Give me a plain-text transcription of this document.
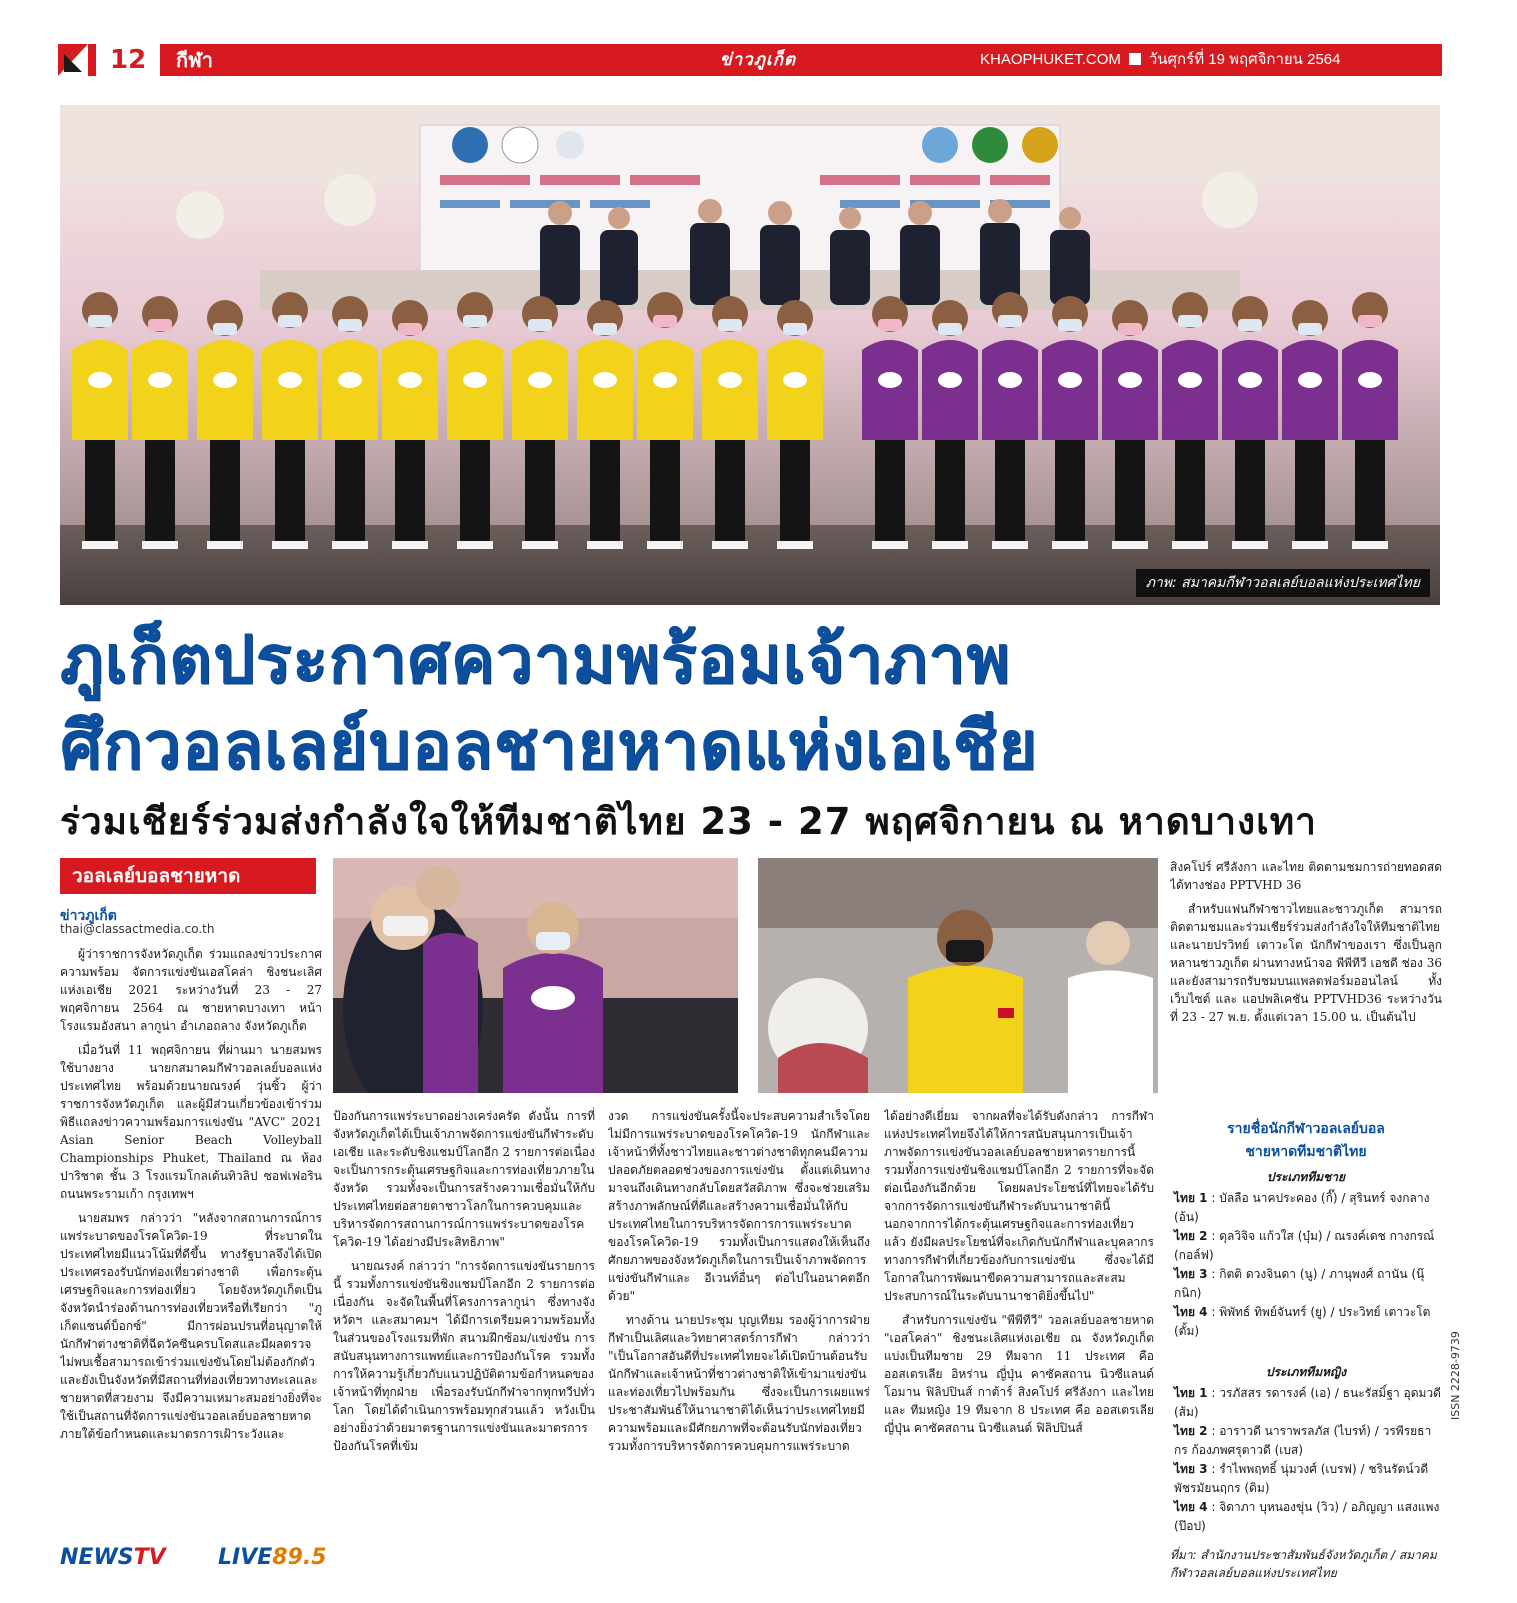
12	กีฬา	ข่าวภูเก็ต	KHAOPHUKET.COM วันศุกร์ที่ 19 พฤศจิกายน 2564
ภาพ: สมาคมกีฬาวอลเลย์บอลแห่งประเทศไทย
ภูเก็ตประกาศความพร้อมเจ้าภาพ
ศึกวอลเลย์บอลชายหาดแห่งเอเชีย
ร่วมเชียร์ร่วมส่งกำลังใจให้ทีมชาติไทย 23 - 27 พฤศจิกายน ณ หาดบางเทา
วอลเลย์บอลชายหาด
ข่าวภูเก็ต
thai@classactmedia.co.th

ผู้ว่าราชการจังหวัดภูเก็ต ร่วมแถลงข่าวประกาศความพร้อม จัดการแข่งขันเอสโคล่า ชิงชนะเลิศแห่งเอเชีย 2021 ระหว่างวันที่ 23 - 27 พฤศจิกายน 2564 ณ ชายหาดบางเทา หน้าโรงแรมอังสนา ลากูน่า อำเภอถลาง จังหวัดภูเก็ต

เมื่อวันที่ 11 พฤศจิกายน ที่ผ่านมา นายสมพร ใช้บางยาง นายกสมาคมกีฬาวอลเลย์บอลแห่งประเทศไทย พร้อมด้วยนายณรงค์ วุ่นซิ้ว ผู้ว่าราชการจังหวัดภูเก็ต และผู้มีส่วนเกี่ยวข้องเข้าร่วมพิธีแถลงข่าวความพร้อมการแข่งขัน "AVC" 2021 Asian Senior Beach Volleyball Championships Phuket, Thailand ณ ห้องปาริชาต ชั้น 3 โรงแรมโกลเด้นทิวลิป ซอฟเฟอริน ถนนพระรามเก้า กรุงเทพฯ

นายสมพร กล่าวว่า "หลังจากสถานการณ์การแพร่ระบาดของโรคโควิด-19 ที่ระบาดในประเทศไทยมีแนวโน้มที่ดีขึ้น ทางรัฐบาลจึงได้เปิดประเทศรองรับนักท่องเที่ยวต่างชาติ เพื่อกระตุ้นเศรษฐกิจและการท่องเที่ยว โดยจังหวัดภูเก็ตเป็นจังหวัดนำร่องด้านการท่องเที่ยวหรือที่เรียกว่า "ภูเก็ตแซนด์บ็อกซ์" มีการผ่อนปรนที่อนุญาตให้นักกีฬาต่างชาติที่ฉีดวัคซีนครบโดสและมีผลตรวจไม่พบเชื้อสามารถเข้าร่วมแข่งขันโดยไม่ต้องกักตัว และยังเป็นจังหวัดที่มีสถานที่ท่องเที่ยวทางทะเลและชายหาดที่สวยงาม จึงมีความเหมาะสมอย่างยิ่งที่จะใช้เป็นสถานที่จัดการแข่งขันวอลเลย์บอลชายหาด ภายใต้ข้อกำหนดและมาตรการเฝ้าระวังและ

ป้องกันการแพร่ระบาดอย่างเคร่งครัด ดังนั้น การที่จังหวัดภูเก็ตได้เป็นเจ้าภาพจัดการแข่งขันกีฬาระดับเอเชีย และระดับชิงแชมป์โลกอีก 2 รายการต่อเนื่อง จะเป็นการกระตุ้นเศรษฐกิจและการท่องเที่ยวภายในจังหวัด รวมทั้งจะเป็นการสร้างความเชื่อมั่นให้กับประเทศไทยต่อสายตาชาวโลกในการควบคุมและบริหารจัดการสถานการณ์การแพร่ระบาดของโรคโควิด-19 ได้อย่างมีประสิทธิภาพ"

นายณรงค์ กล่าวว่า "การจัดการแข่งขันรายการนี้ รวมทั้งการแข่งขันชิงแชมป์โลกอีก 2 รายการต่อเนื่องกัน จะจัดในพื้นที่โครงการลากูน่า ซึ่งทางจังหวัดฯ และสมาคมฯ ได้มีการเตรียมความพร้อมทั้งในส่วนของโรงแรมที่พัก สนามฝึกซ้อม/แข่งขัน การสนับสนุนทางการแพทย์และการป้องกันโรค รวมทั้งการให้ความรู้เกี่ยวกับแนวปฏิบัติตามข้อกำหนดของเจ้าหน้าที่ทุกฝ่าย เพื่อรองรับนักกีฬาจากทุกทวีปทั่วโลก โดยได้ดำเนินการพร้อมทุกส่วนแล้ว หวังเป็นอย่างยิ่งว่าด้วยมาตรฐานการแข่งขันและมาตรการป้องกันโรคที่เข้ม

งวด การแข่งขันครั้งนี้จะประสบความสำเร็จโดยไม่มีการแพร่ระบาดของโรคโควิด-19 นักกีฬาและเจ้าหน้าที่ทั้งชาวไทยและชาวต่างชาติทุกคนมีความปลอดภัยตลอดช่วงของการแข่งขัน ตั้งแต่เดินทางมาจนถึงเดินทางกลับโดยสวัสดิภาพ ซึ่งจะช่วยเสริมสร้างภาพลักษณ์ที่ดีและสร้างความเชื่อมั่นให้กับประเทศไทยในการบริหารจัดการการแพร่ระบาดของโรคโควิด-19 รวมทั้งเป็นการแสดงให้เห็นถึงศักยภาพของจังหวัดภูเก็ตในการเป็นเจ้าภาพจัดการแข่งขันกีฬาและ อีเวนท์อื่นๆ ต่อไปในอนาคตอีกด้วย"

ทางด้าน นายประชุม บุญเทียม รองผู้ว่าการฝ่ายกีฬาเป็นเลิศและวิทยาศาสตร์การกีฬา กล่าวว่า "เป็นโอกาสอันดีที่ประเทศไทยจะได้เปิดบ้านต้อนรับนักกีฬาและเจ้าหน้าที่ชาวต่างชาติให้เข้ามาแข่งขันและท่องเที่ยวไปพร้อมกัน ซึ่งจะเป็นการเผยแพร่ประชาสัมพันธ์ให้นานาชาติได้เห็นว่าประเทศไทยมีความพร้อมและมีศักยภาพที่จะต้อนรับนักท่องเที่ยวรวมทั้งการบริหารจัดการควบคุมการแพร่ระบาด

ได้อย่างดีเยี่ยม จากผลที่จะได้รับดังกล่าว การกีฬาแห่งประเทศไทยจึงได้ให้การสนับสนุนการเป็นเจ้าภาพจัดการแข่งขันวอลเลย์บอลชายหาดรายการนี้รวมทั้งการแข่งขันชิงแชมป์โลกอีก 2 รายการที่จะจัดต่อเนื่องกันอีกด้วย โดยผลประโยชน์ที่ไทยจะได้รับจากการจัดการแข่งขันกีฬาระดับนานาชาตินี้ นอกจากการได้กระตุ้นเศรษฐกิจและการท่องเที่ยวแล้ว ยังมีผลประโยชน์ที่จะเกิดกับนักกีฬาและบุคลากรทางการกีฬาที่เกี่ยวข้องกับการแข่งขัน ซึ่งจะได้มีโอกาสในการพัฒนาขีดความสามารถและสะสมประสบการณ์ในระดับนานาชาติยิ่งขึ้นไป"

สำหรับการแข่งขัน "พีพีทีวี" วอลเลย์บอลชายหาด "เอสโคล่า" ชิงชนะเลิศแห่งเอเชีย ณ จังหวัดภูเก็ต แบ่งเป็นทีมชาย 29 ทีมจาก 11 ประเทศ คือ ออสเตรเลีย อิหร่าน ญี่ปุ่น คาซัคสถาน นิวซีแลนด์ โอมาน ฟิลิปปินส์ กาต้าร์ สิงคโปร์ ศรีลังกา และไทย และ ทีมหญิง 19 ทีมจาก 8 ประเทศ คือ ออสเตรเลีย ญี่ปุ่น คาซัคสถาน นิวซีแลนด์ ฟิลิปปินส์

สิงคโปร์ ศรีลังกา และไทย ติดตามชมการถ่ายทอดสดได้ทางช่อง PPTVHD 36

สำหรับแฟนกีฬาชาวไทยและชาวภูเก็ต สามารถติดตามชมและร่วมเชียร์ร่วมส่งกำลังใจให้ทีมชาติไทย และนายปรวิทย์ เตาวะโต นักกีฬาของเรา ซึ่งเป็นลูกหลานชาวภูเก็ต ผ่านทางหน้าจอ พีพีทีวี เอชดี ช่อง 36 และยังสามารถรับชมบนแพลตฟอร์มออนไลน์ ทั้งเว็บไซต์ และ แอปพลิเคชัน PPTVHD36 ระหว่างวันที่ 23 - 27 พ.ย. ตั้งแต่เวลา 15.00 น. เป็นต้นไป

รายชื่อนักกีฬาวอลเลย์บอล
ชายหาดทีมชาติไทย
ประเภททีมชาย
ไทย 1 : บัลลือ นาคประคอง (กิ๊) / สุรินทร์ จงกลาง (อ้น)
ไทย 2 : ดุลวิจิจ แก้วใส (บุ๋ม) / ณรงค์เดช กางกรณ์ (กอล์ฟ)
ไทย 3 : กิตติ ดวงจินดา (นู) / ภานุพงศ์ ถานัน (นุ๊กนิก)
ไทย 4 : พิพัทธ์ ทิพย์จันทร์ (ยู) / ประวิทย์ เตาวะโต (ตั้ม)
ประเภททีมหญิง
ไทย 1 : วรภัสสร รดารงค์ (เอ) / ธนะรัสมิ์ฐา อุดมวดี (ส้ม)
ไทย 2 : อาราวดี นาราพรลภัส (ไบรท์) / วรพีรยธากร ก้องภพศรุตาวดี (เบส)
ไทย 3 : รำไพพฤทธิ์ นุ่มวงศ์ (เบรฟ) / ชรินรัตน์วดี พัชรมัยนฤกร (ดิม)
ไทย 4 : จิดาภา บุหนองขุ่น (วิว) / อภิญญา แสงแพง (ป๊อป)
ที่มา: สำนักงานประชาสัมพันธ์จังหวัดภูเก็ต / สมาคมกีฬาวอลเลย์บอลแห่งประเทศไทย
ISSN 2228-9739
NEWSTV LIVE89.5
